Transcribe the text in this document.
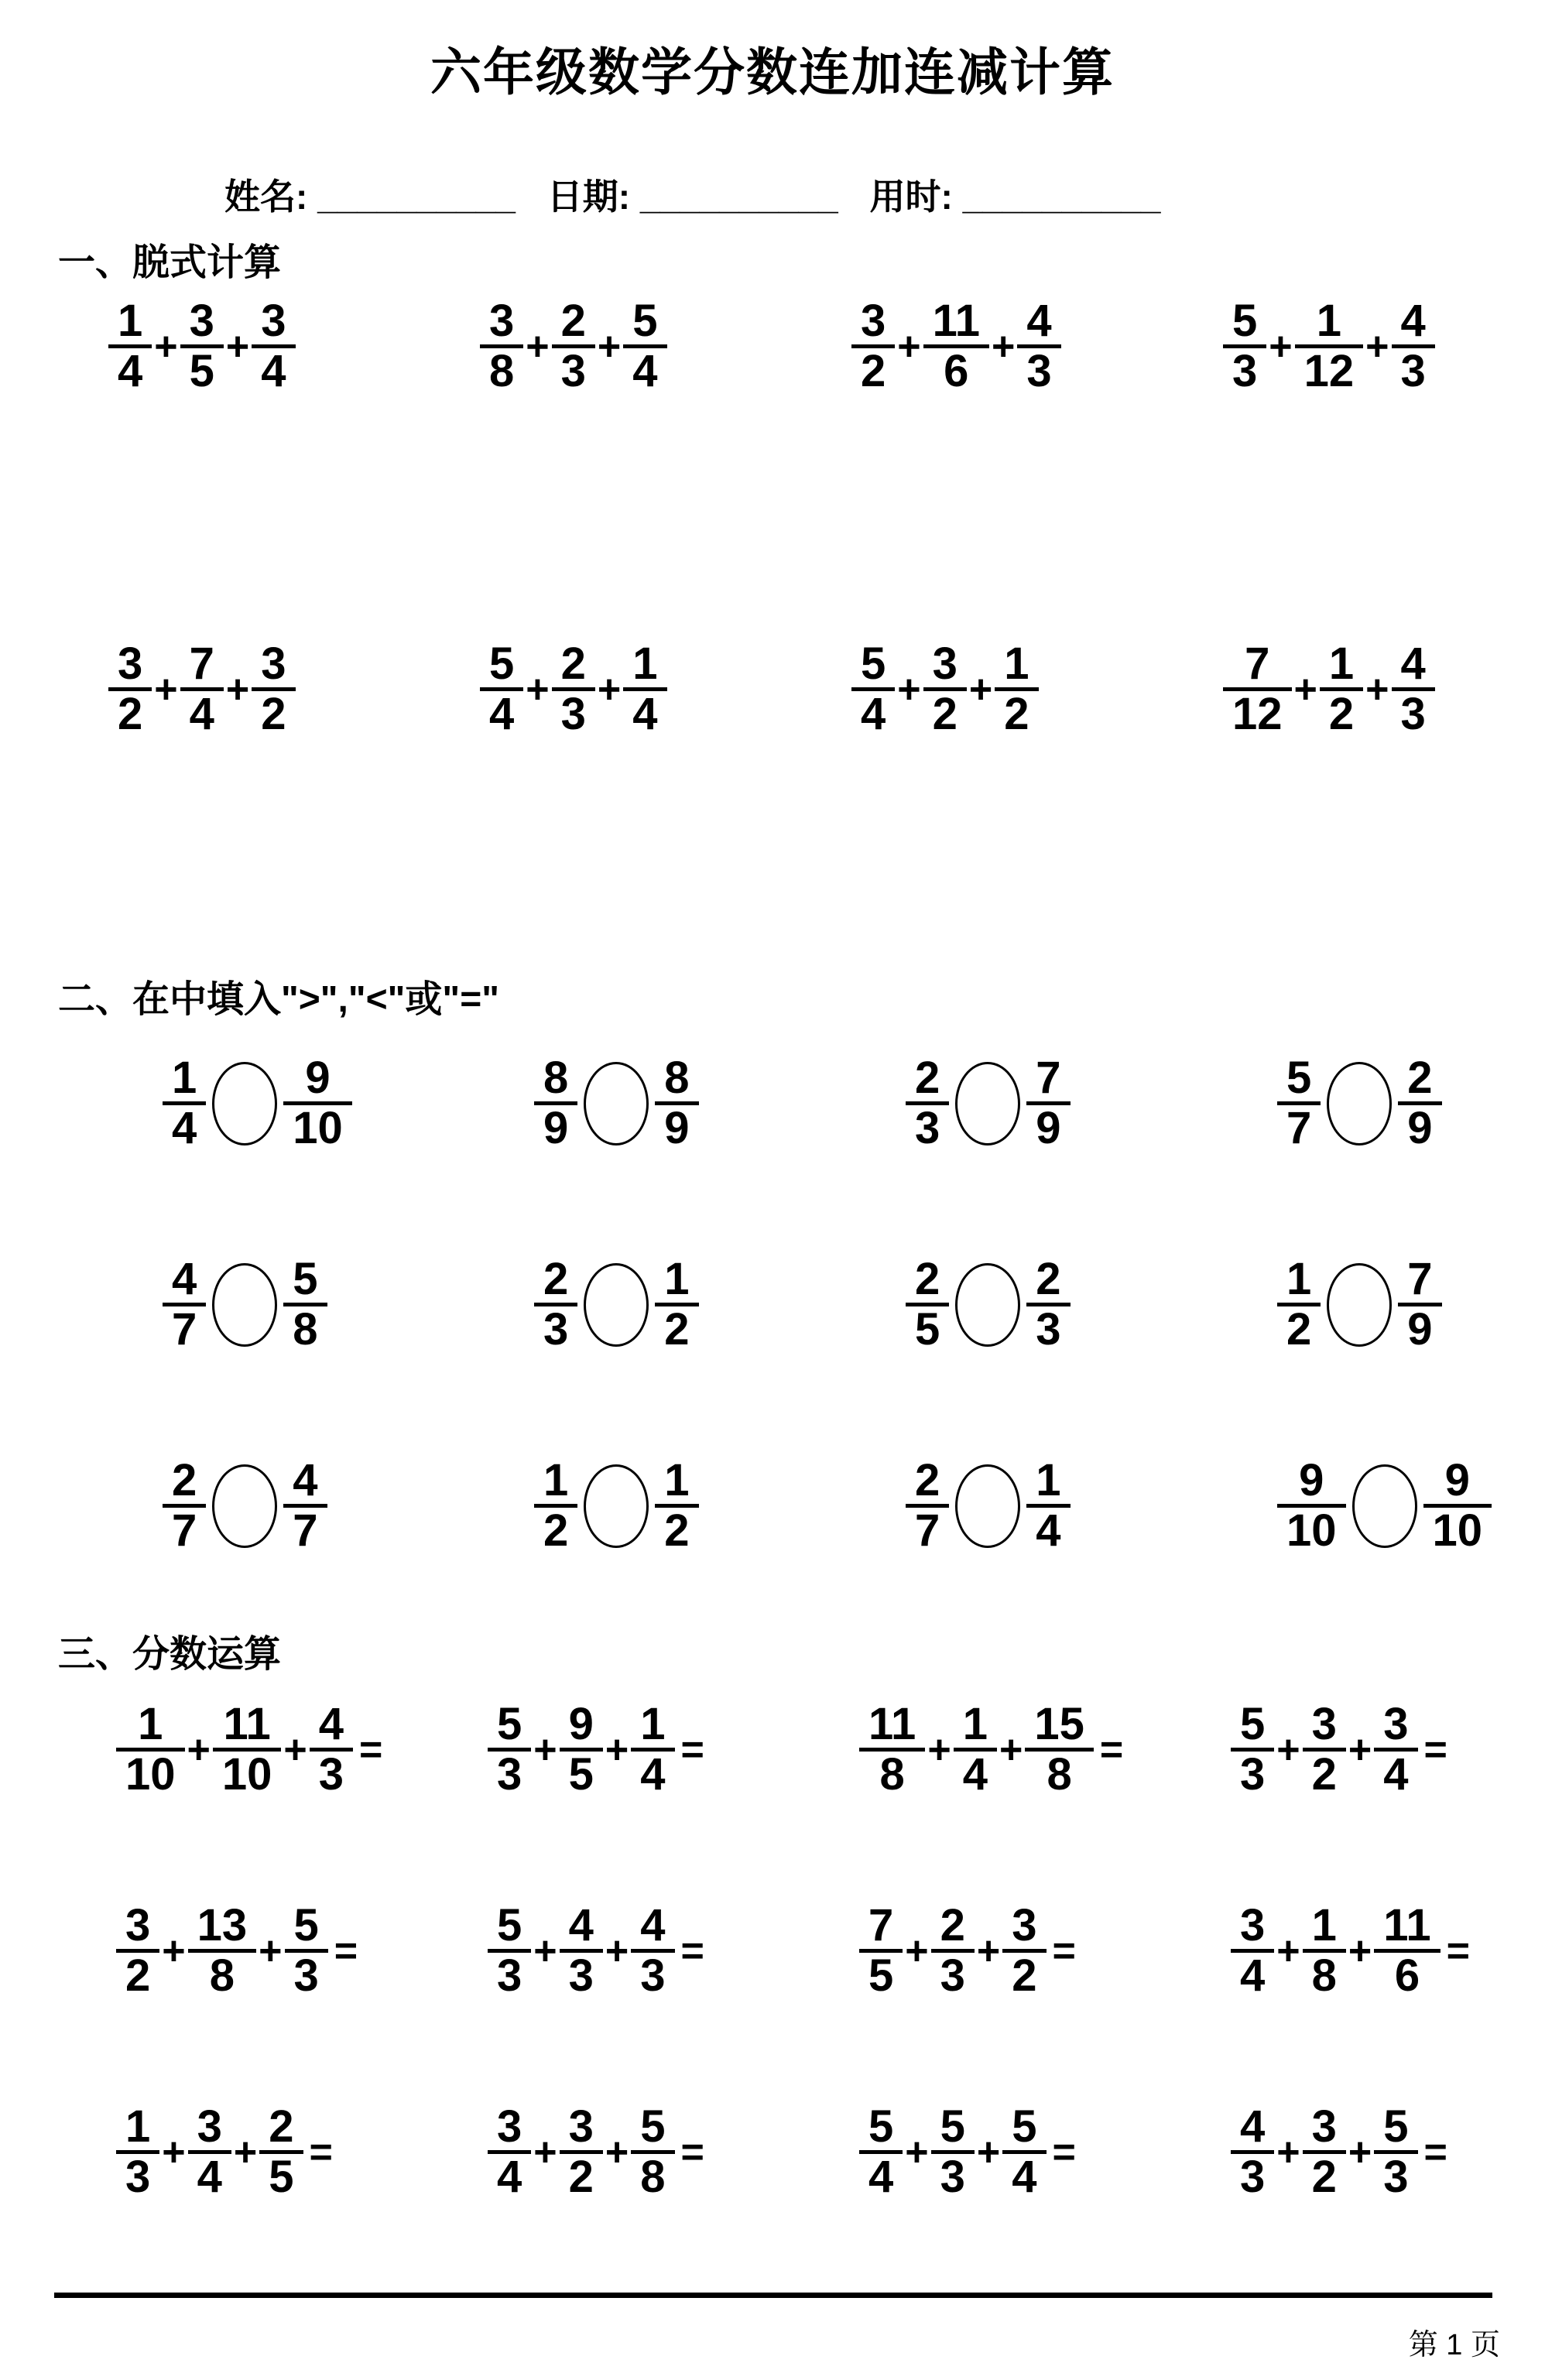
六年级数学分数连加连减计算
姓名: __________ 日期: __________ 用时: __________
一、脱式计算
1
4 +
3
5 +
3
4
3
8 +
2
3 +
5
4
3
2 +
11
6 +
4
3
5
3 +
1
12 +
4
3
3
2 +
7
4 +
3
2
5
4 +
2
3 +
1
4
5
4 +
3
2 +
1
2
7
12 +
1
2 +
4
3
二、在中填入">","<"或"="
1
4
9
10
8
9
8
9
2
3
7
9
5
7
2
9
4
7
5
8
2
3
1
2
2
5
2
3
1
2
7
9
2
7
4
7
1
2
1
2
2
7
1
4
9
10
9
10
三、分数运算
1
10 +
11
10 +
4
3 =
5
3 +
9
5 +
1
4 =
11
8 +
1
4 +
15
8 =
5
3 +
3
2 +
3
4 =
3
2 +
13
8 +
5
3 =
5
3 +
4
3 +
4
3 =
7
5 +
2
3 +
3
2 =
3
4 +
1
8 +
11
6 =
1
3 +
3
4 +
2
5 =
3
4 +
3
2 +
5
8 =
5
4 +
5
3 +
5
4 =
4
3 +
3
2 +
5
3 =
第 1 页
